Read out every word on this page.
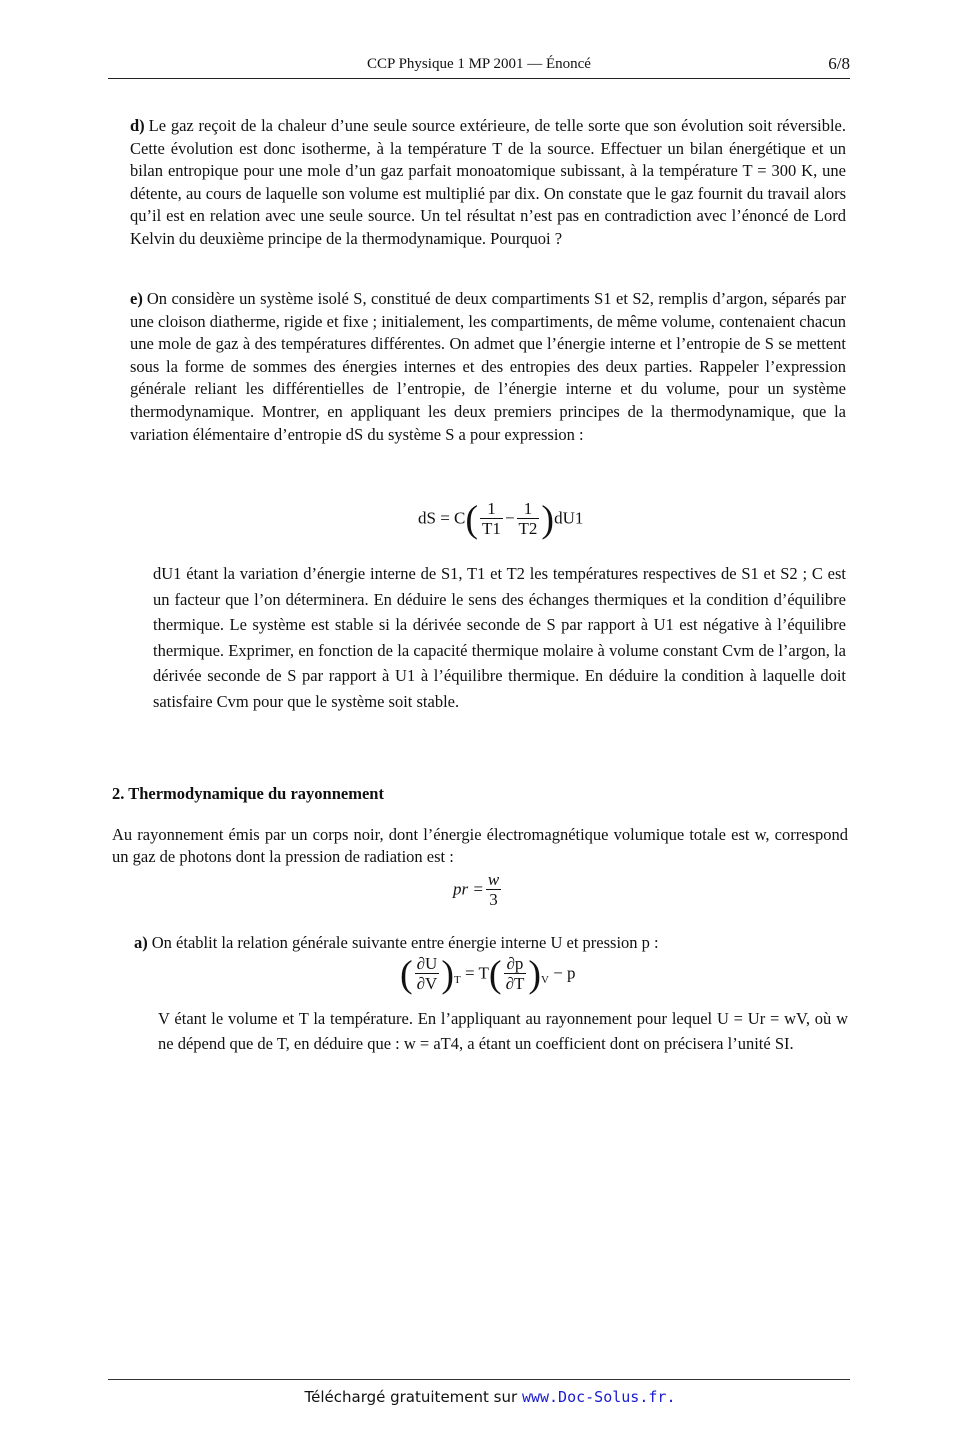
CCP Physique 1 MP 2001 — Énoncé	6/8
d) Le gaz reçoit de la chaleur d’une seule source extérieure, de telle sorte que son évolution soit réversible. Cette évolution est donc isotherme, à la température T de la source. Effectuer un bilan énergétique et un bilan entropique pour une mole d’un gaz parfait monoatomique subissant, à la température T = 300 K, une détente, au cours de laquelle son volume est multiplié par dix. On constate que le gaz fournit du travail alors qu’il est en relation avec une seule source. Un tel résultat n’est pas en contradiction avec l’énoncé de Lord Kelvin du deuxième principe de la thermodynamique. Pourquoi ?
e) On considère un système isolé S, constitué de deux compartiments S1 et S2, remplis d’argon, séparés par une cloison diatherme, rigide et fixe ; initialement, les compartiments, de même volume, contenaient chacun une mole de gaz à des températures différentes. On admet que l’énergie interne et l’entropie de S se mettent sous la forme de sommes des énergies internes et des entropies des deux parties. Rappeler l’expression générale reliant les différentielles de l’entropie, de l’énergie interne et du volume, pour un système thermodynamique. Montrer, en appliquant les deux premiers principes de la thermodynamique, que la variation élémentaire d’entropie dS du système S a pour expression :
dS = $C( \frac{1}{T1} - \frac{1}{T2} )dU1$
dU1 étant la variation d’énergie interne de S1, T1 et T2 les températures respectives de S1 et S2 ; C est un facteur que l’on déterminera. En déduire le sens des échanges thermiques et la condition d’équilibre thermique. Le système est stable si la dérivée seconde de S par rapport à U1 est négative à l’équilibre thermique. Exprimer, en fonction de la capacité thermique molaire à volume constant Cvm de l’argon, la dérivée seconde de S par rapport à U1 à l’équilibre thermique. En déduire la condition à laquelle doit satisfaire Cvm pour que le système soit stable.
2. Thermodynamique du rayonnement
Au rayonnement émis par un corps noir, dont l’énergie électromagnétique volumique totale est w, correspond un gaz de photons dont la pression de radiation est :
pr = $\frac{w}{3}$
a) On établit la relation générale suivante entre énergie interne U et pression p :
( $\frac{\partial U}{\partial V} )_T = T( \frac{\partial p}{\partial T} )_V - p$
V étant le volume et T la température. En l’appliquant au rayonnement pour lequel U = Ur = wV, où w ne dépend que de T, en déduire que : w = aT4, a étant un coefficient dont on précisera l’unité SI.
Téléchargé gratuitement sur www.Doc-Solus.fr.
